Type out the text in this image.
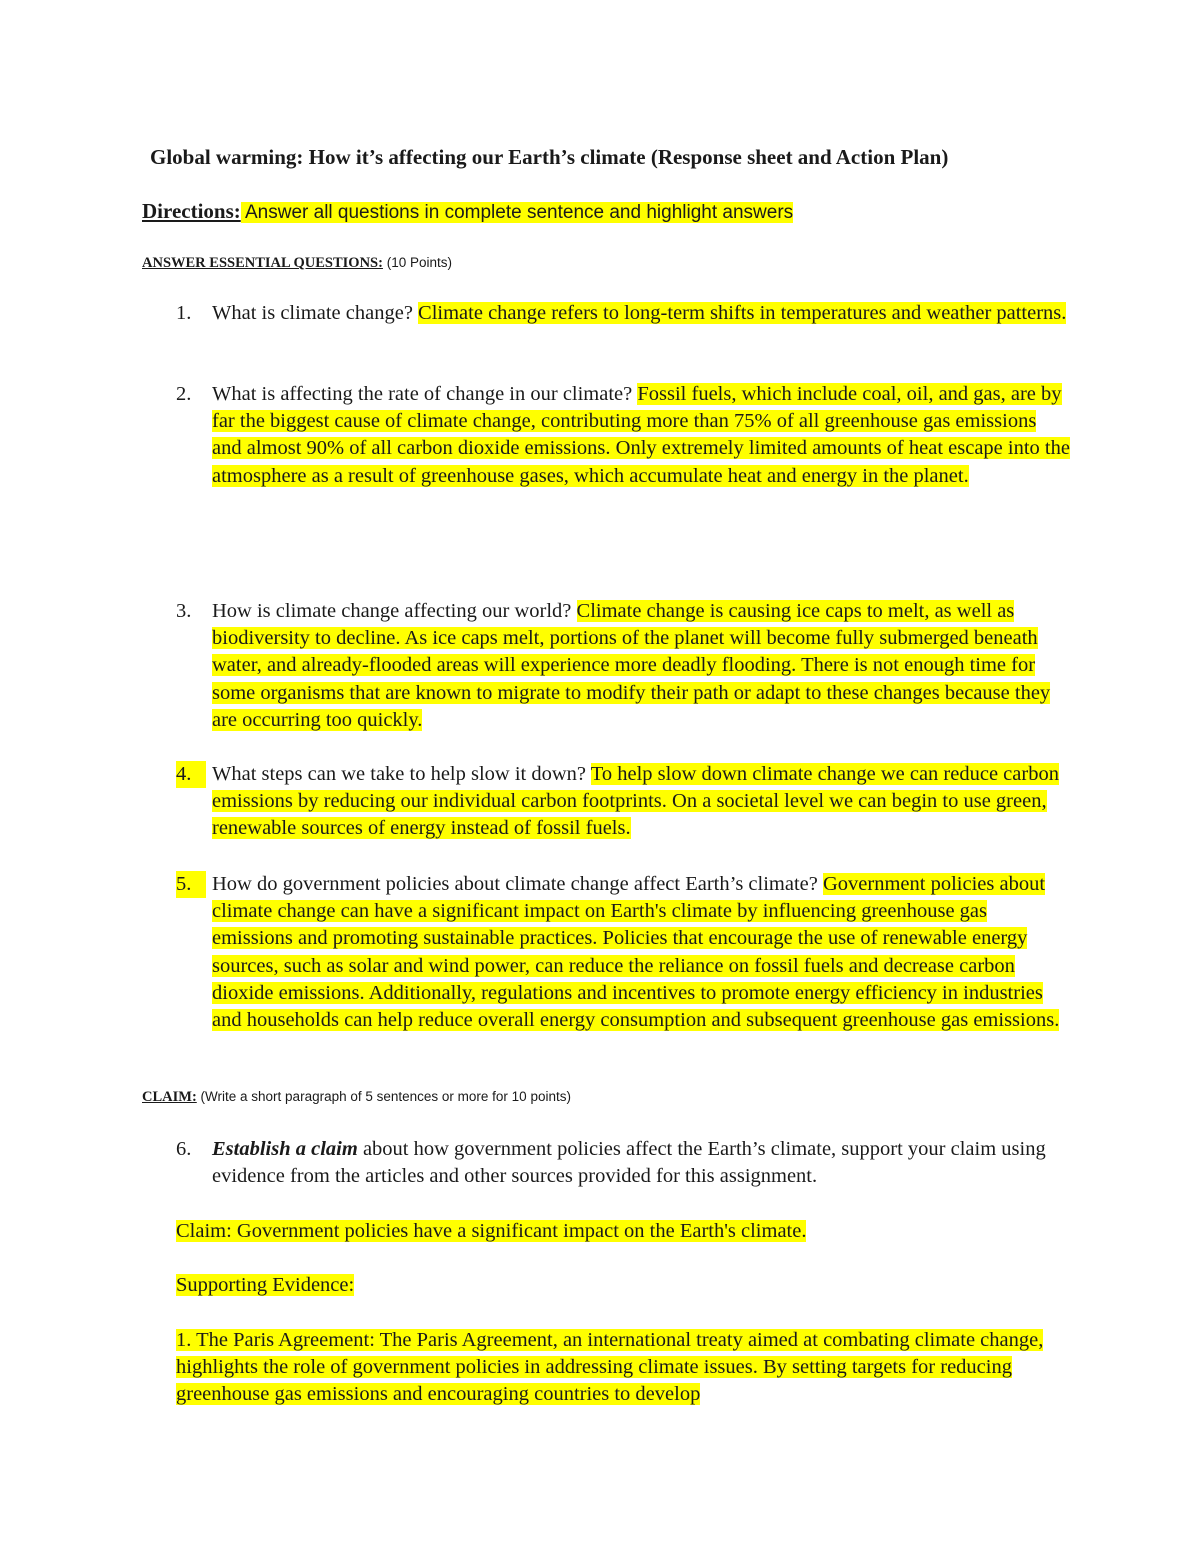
Global warming: How it’s affecting our Earth’s climate (Response sheet and Action Plan)
Directions: Answer all questions in complete sentence and highlight answers
ANSWER ESSENTIAL QUESTIONS: (10 Points)
1.	What is climate change? Climate change refers to long-term shifts in temperatures and weather patterns.
2.	What is affecting the rate of change in our climate? Fossil fuels, which include coal, oil, and gas, are by far the biggest cause of climate change, contributing more than 75% of all greenhouse gas emissions and almost 90% of all carbon dioxide emissions. Only extremely limited amounts of heat escape into the atmosphere as a result of greenhouse gases, which accumulate heat and energy in the planet.
3.	How is climate change affecting our world? Climate change is causing ice caps to melt, as well as biodiversity to decline. As ice caps melt, portions of the planet will become fully submerged beneath water, and already-flooded areas will experience more deadly flooding. There is not enough time for some organisms that are known to migrate to modify their path or adapt to these changes because they are occurring too quickly.
4.	What steps can we take to help slow it down? To help slow down climate change we can reduce carbon emissions by reducing our individual carbon footprints. On a societal level we can begin to use green, renewable sources of energy instead of fossil fuels.
5.	How do government policies about climate change affect Earth’s climate? Government policies about climate change can have a significant impact on Earth's climate by influencing greenhouse gas emissions and promoting sustainable practices. Policies that encourage the use of renewable energy sources, such as solar and wind power, can reduce the reliance on fossil fuels and decrease carbon dioxide emissions. Additionally, regulations and incentives to promote energy efficiency in industries and households can help reduce overall energy consumption and subsequent greenhouse gas emissions.
CLAIM: (Write a short paragraph of 5 sentences or more for 10 points)
6.	Establish a claim about how government policies affect the Earth’s climate, support your claim using evidence from the articles and other sources provided for this assignment.
Claim: Government policies have a significant impact on the Earth's climate.
Supporting Evidence:
1. The Paris Agreement: The Paris Agreement, an international treaty aimed at combating climate change, highlights the role of government policies in addressing climate issues. By setting targets for reducing greenhouse gas emissions and encouraging countries to develop
